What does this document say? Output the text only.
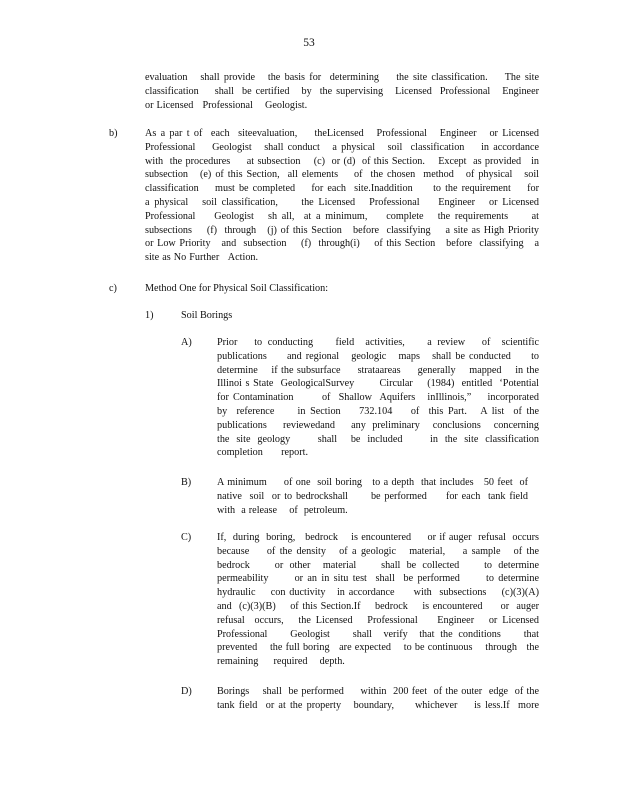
53
evaluation   shall provide   the basis for  determining    the site classification.    The site
classification    shall  be certified   by  the supervising   Licensed  Professional   Engineer
or Licensed   Professional    Geologist.
b)	As a par t of  each  siteevaluation,    theLicensed   Professional   Engineer   or Licensed
Professional    Geologist   shall conduct   a physical   soil  classification    in accordance
with  the procedures     at subsection    (c)  or (d)  of this Section.    Except  as provided   in
subsection   (e) of this Section,  all elements    of  the chosen  method   of physical   soil
classification    must be completed    for each  site.Inaddition     to the requirement    for
a physical   soil classification,     the Licensed   Professional    Engineer   or Licensed
Professional    Geologist   sh all,  at a minimum,    complete   the requirements     at
subsections    (f)  through   (j) of this Section   before  classifying    a site as High Priority
or Low Priority   and  subsection    (f)  through(i)    of this Section   before  classifying   a
site as No Further   Action.
c)	Method One for Physical Soil Classification:
1)	Soil Borings
A) Prior   to conducting    field  activities,    a review   of  scientific
publications     and regional   geologic   maps   shall be conducted     to
determine    if the subsurface     strataareas     generally    mapped    in the
Illinoi s State  GeologicalSurvey       Circular    (1984)  entitled  ‘Potential
for Contamination       of  Shallow  Aquifers   inIllinois,”    incorporated
by  reference     in Section    732.104    of  this Part.   A list  of the
publications     reviewedand     any  preliminary    conclusions    concerning
the site geology    shall  be included    in the site classification
completion      report.
B)	A minimum     of one  soil boring   to a depth  that includes   50 feet  of
native  soil  or to bedrockshall      be performed     for each  tank field
with  a release    of  petroleum.
C)	If,  during  boring,   bedrock    is encountered     or if auger  refusal  occurs
because    of the density   of a geologic   material,    a sample   of the
bedrock    or other  material    shall be collected    to determine
permeability      or an in situ test  shall  be performed      to determine
hydraulic    con ductivity   in accordance     with  subsections    (c)(3)(A)
and  (c)(3)(B)    of this Section.If    bedrock    is encountered     or  auger
refusal  occurs,   the Licensed   Professional    Engineer   or Licensed
Professional    Geologist    shall  verify  that the conditions    that
prevented    the full boring   are expected    to be continuous    through   the
remaining     required    depth.
D) Borings    shall  be performed     within  200 feet  of the outer  edge  of the
tank field  or at the property   boundary,     whichever    is less.If  more
